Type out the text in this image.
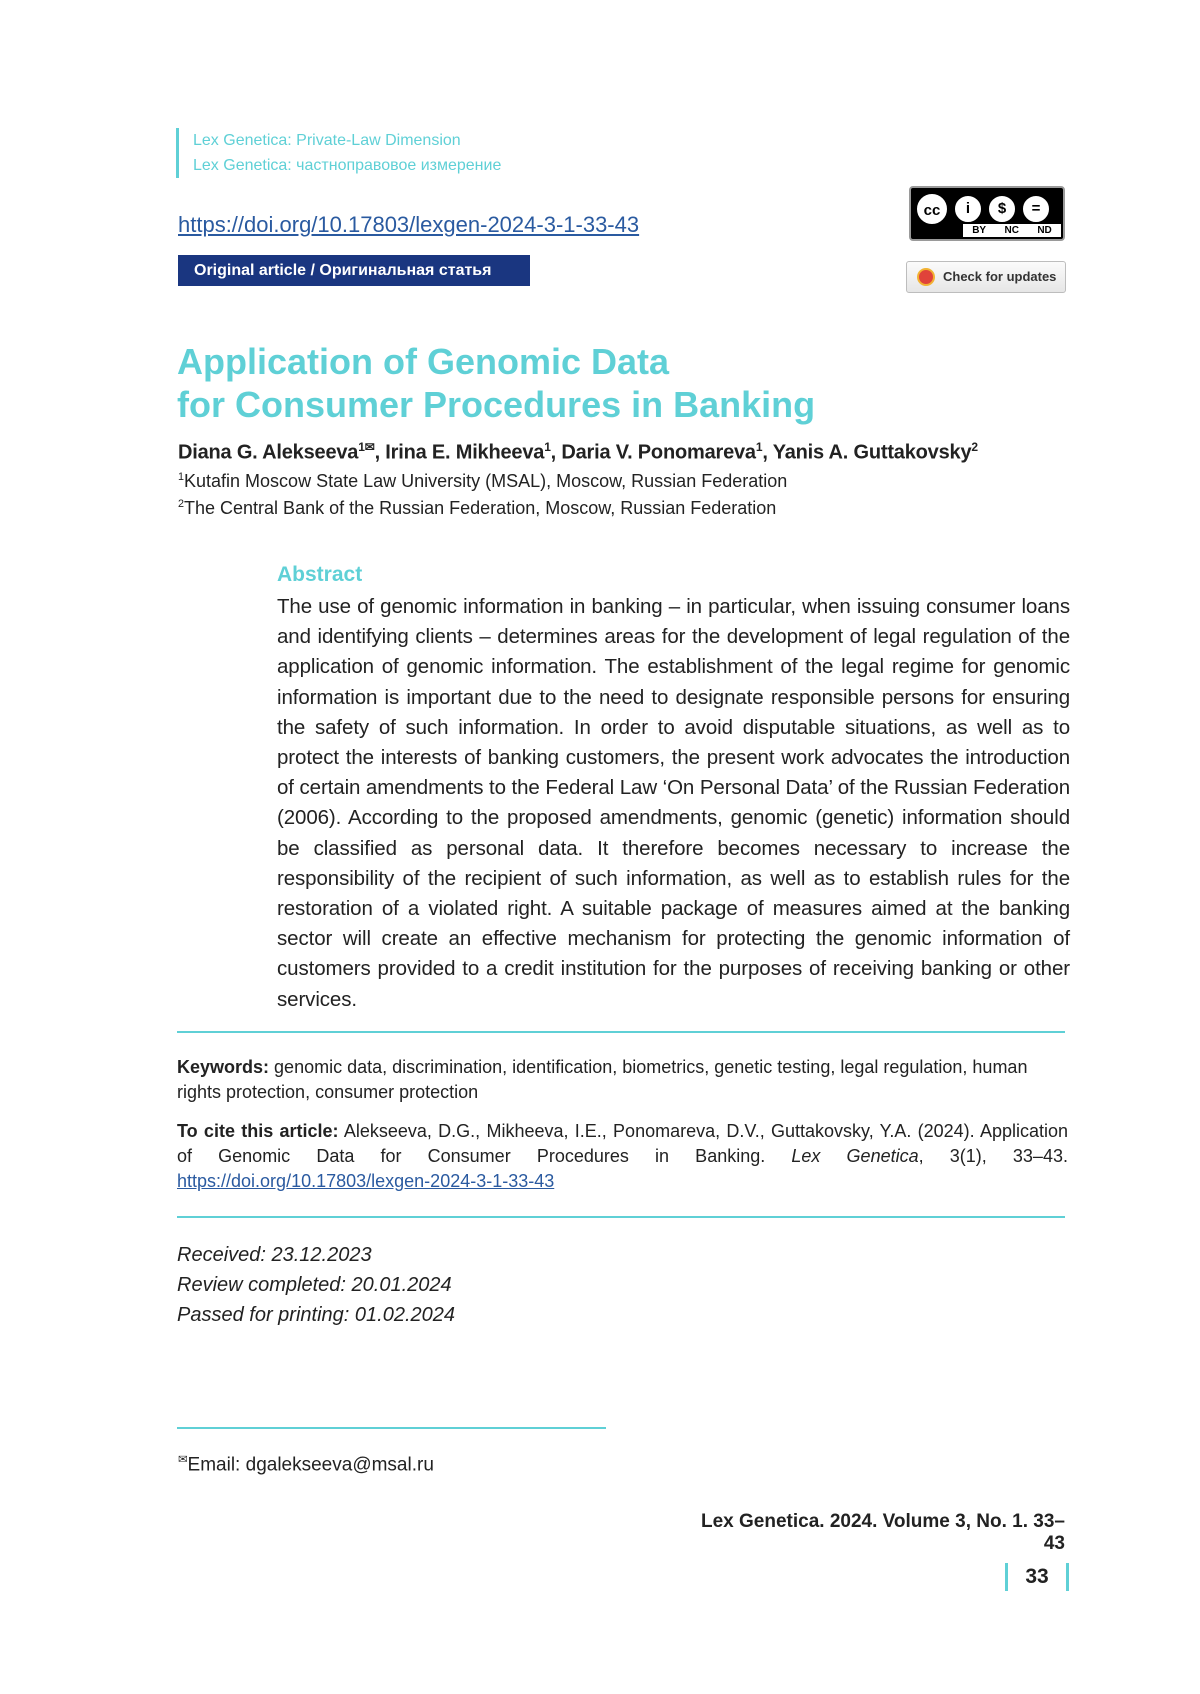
Lex Genetica: Private-Law Dimension
Lex Genetica: частноправовое измерение
https://doi.org/10.17803/lexgen-2024-3-1-33-43
Original article / Оригинальная статья
cc	i	$	=
BY NC ND
Check for updates
Application of Genomic Data
for Consumer Procedures in Banking
Diana G. Alekseeva$^{1✉}$, Irina E. Mikheeva$^1$, Daria V. Ponomareva$^1$, Yanis A. Guttakovsky$^2$
$^1$Kutafin Moscow State Law University (MSAL), Moscow, Russian Federation
$^2$The Central Bank of the Russian Federation, Moscow, Russian Federation
Abstract
The use of genomic information in banking – in particular, when issuing consumer loans and identifying clients – determines areas for the development of legal regulation of the application of genomic information. The establishment of the legal regime for genomic information is important due to the need to designate responsible persons for ensuring the safety of such information. In order to avoid disputable situations, as well as to protect the interests of banking customers, the present work advocates the introduction of certain amendments to the Federal Law ‘On Personal Data’ of the Russian Federation (2006). According to the proposed amendments, genomic (genetic) information should be classified as personal data. It therefore becomes necessary to increase the responsibility of the recipient of such information, as well as to establish rules for the restoration of a violated right. A suitable package of measures aimed at the banking sector will create an effective mechanism for protecting the genomic information of customers provided to a credit institution for the purposes of receiving banking or other services.
Keywords: genomic data, discrimination, identification, biometrics, genetic testing, legal regulation, human rights protection, consumer protection
To cite this article: Alekseeva, D.G., Mikheeva, I.E., Ponomareva, D.V., Guttakovsky, Y.A. (2024). Application of Genomic Data for Consumer Procedures in Banking. Lex Genetica, 3(1), 33–43. https://doi.org/10.17803/lexgen-2024-3-1-33-43
Received: 23.12.2023
Review completed: 20.01.2024
Passed for printing: 01.02.2024
✉Email: dgalekseeva@msal.ru
Lex Genetica. 2024. Volume 3, No. 1. 33–43
33
